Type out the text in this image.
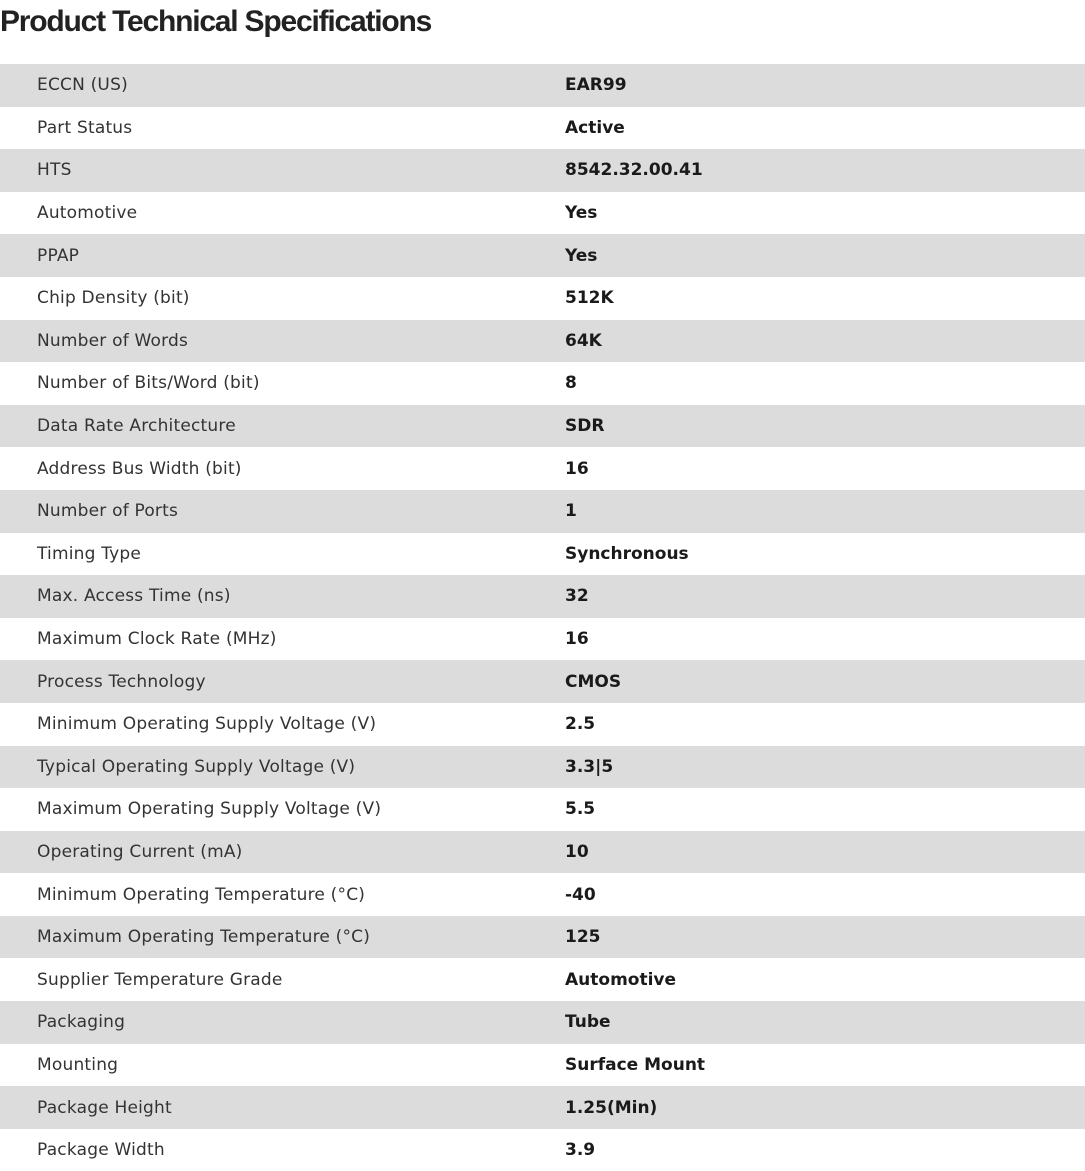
Product Technical Specifications
ECCN (US)	EAR99
Part Status	Active
HTS	8542.32.00.41
Automotive	Yes
PPAP	Yes
Chip Density (bit)	512K
Number of Words	64K
Number of Bits/Word (bit)	8
Data Rate Architecture	SDR
Address Bus Width (bit)	16
Number of Ports	1
Timing Type	Synchronous
Max. Access Time (ns)	32
Maximum Clock Rate (MHz)	16
Process Technology	CMOS
Minimum Operating Supply Voltage (V)	2.5
Typical Operating Supply Voltage (V)	3.3|5
Maximum Operating Supply Voltage (V)	5.5
Operating Current (mA)	10
Minimum Operating Temperature (°C)	-40
Maximum Operating Temperature (°C)	125
Supplier Temperature Grade	Automotive
Packaging	Tube
Mounting	Surface Mount
Package Height	1.25(Min)
Package Width	3.9
